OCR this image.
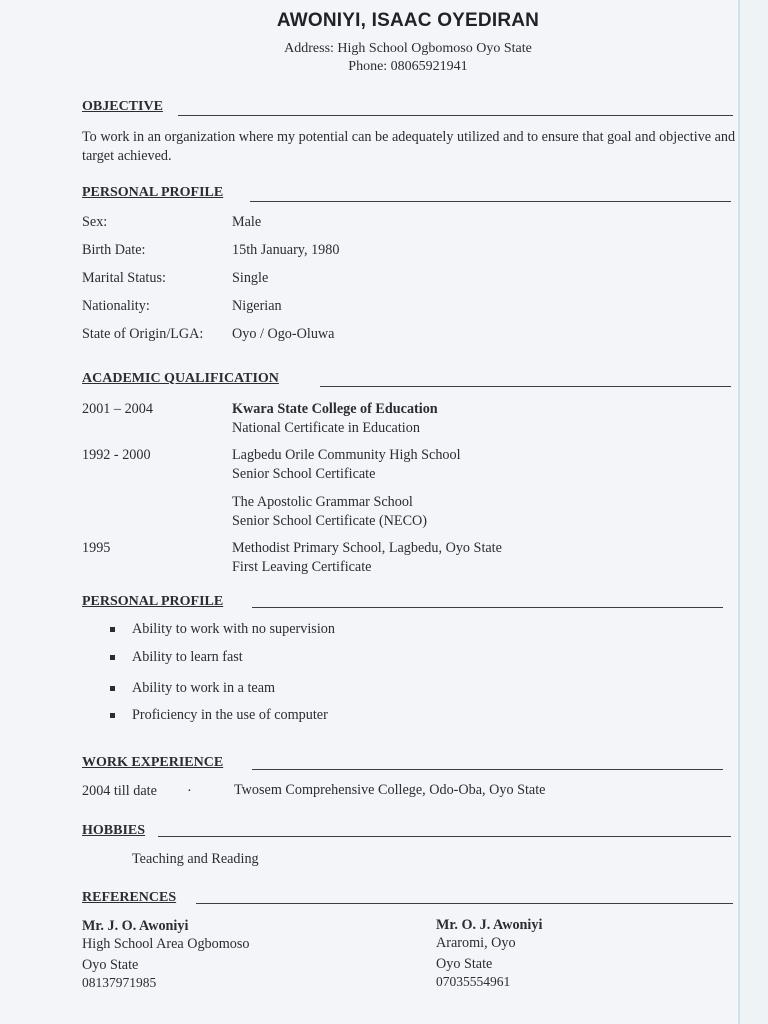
AWONIYI, ISAAC OYEDIRAN
Address: High School Ogbomoso Oyo State
Phone: 08065921941
OBJECTIVE
To work in an organization where my potential can be adequately utilized and to ensure that goal and objective and target achieved.
PERSONAL PROFILE
Sex:	Male
Birth Date:	15th January, 1980
Marital Status:	Single
Nationality:	Nigerian
State of Origin/LGA: Oyo / Ogo-Oluwa
ACADEMIC QUALIFICATION
2001 – 2004	Kwara State College of Education
National Certificate in Education
1992 - 2000	Lagbedu Orile Community High School
Senior School Certificate
The Apostolic Grammar School
Senior School Certificate (NECO)
1995	Methodist Primary School, Lagbedu, Oyo State
First Leaving Certificate
PERSONAL PROFILE
Ability to work with no supervision
Ability to learn fast
Ability to work in a team
Proficiency in the use of computer
WORK EXPERIENCE
2004 till date ·	Twosem Comprehensive College, Odo-Oba, Oyo State
HOBBIES
Teaching and Reading
REFERENCES
Mr. J. O. Awoniyi
High School Area Ogbomoso
Oyo State
08137971985
Mr. O. J. Awoniyi
Araromi, Oyo
Oyo State
07035554961
